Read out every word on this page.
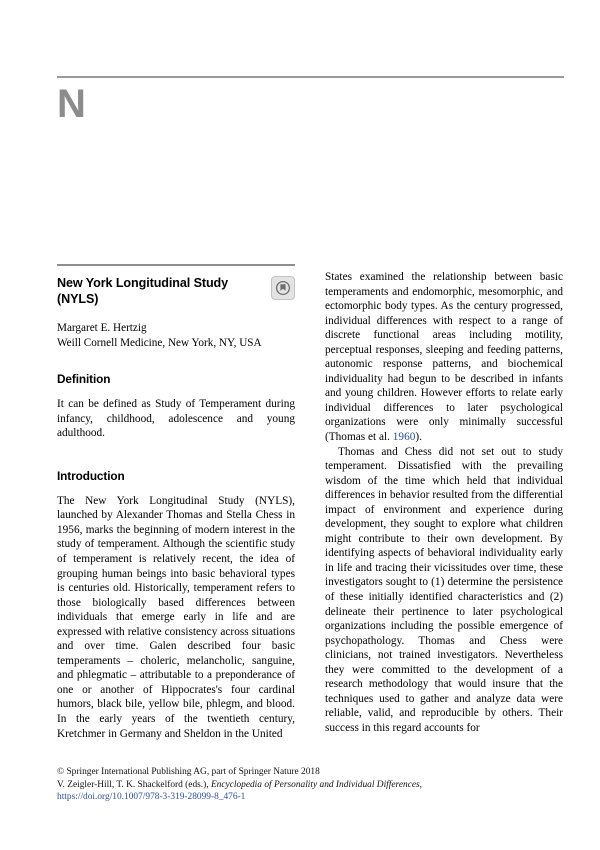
N
New York Longitudinal Study (NYLS)
Margaret E. Hertzig
Weill Cornell Medicine, New York, NY, USA
Definition

It can be defined as Study of Temperament during infancy, childhood, adolescence and young adulthood.

Introduction

The New York Longitudinal Study (NYLS), launched by Alexander Thomas and Stella Chess in 1956, marks the beginning of modern interest in the study of temperament. Although the scientific study of temperament is relatively recent, the idea of grouping human beings into basic behavioral types is centuries old. Historically, temperament refers to those biologically based differences between individuals that emerge early in life and are expressed with relative consistency across situations and over time. Galen described four basic temperaments – choleric, melancholic, sanguine, and phlegmatic – attributable to a preponderance of one or another of Hippocrates's four cardinal humors, black bile, yellow bile, phlegm, and blood. In the early years of the twentieth century, Kretchmer in Germany and Sheldon in the United

States examined the relationship between basic temperaments and endomorphic, mesomorphic, and ectomorphic body types. As the century progressed, individual differences with respect to a range of discrete functional areas including motility, perceptual responses, sleeping and feeding patterns, autonomic response patterns, and biochemical individuality had begun to be described in infants and young children. However efforts to relate early individual differences to later psychological organizations were only minimally successful (Thomas et al. 1960).

Thomas and Chess did not set out to study temperament. Dissatisfied with the prevailing wisdom of the time which held that individual differences in behavior resulted from the differential impact of environment and experience during development, they sought to explore what children might contribute to their own development. By identifying aspects of behavioral individuality early in life and tracing their vicissitudes over time, these investigators sought to (1) determine the persistence of these initially identified characteristics and (2) delineate their pertinence to later psychological organizations including the possible emergence of psychopathology. Thomas and Chess were clinicians, not trained investigators. Nevertheless they were committed to the development of a research methodology that would insure that the techniques used to gather and analyze data were reliable, valid, and reproducible by others. Their success in this regard accounts for

© Springer International Publishing AG, part of Springer Nature 2018
V. Zeigler-Hill, T. K. Shackelford (eds.), Encyclopedia of Personality and Individual Differences,
https://doi.org/10.1007/978-3-319-28099-8_476-1
